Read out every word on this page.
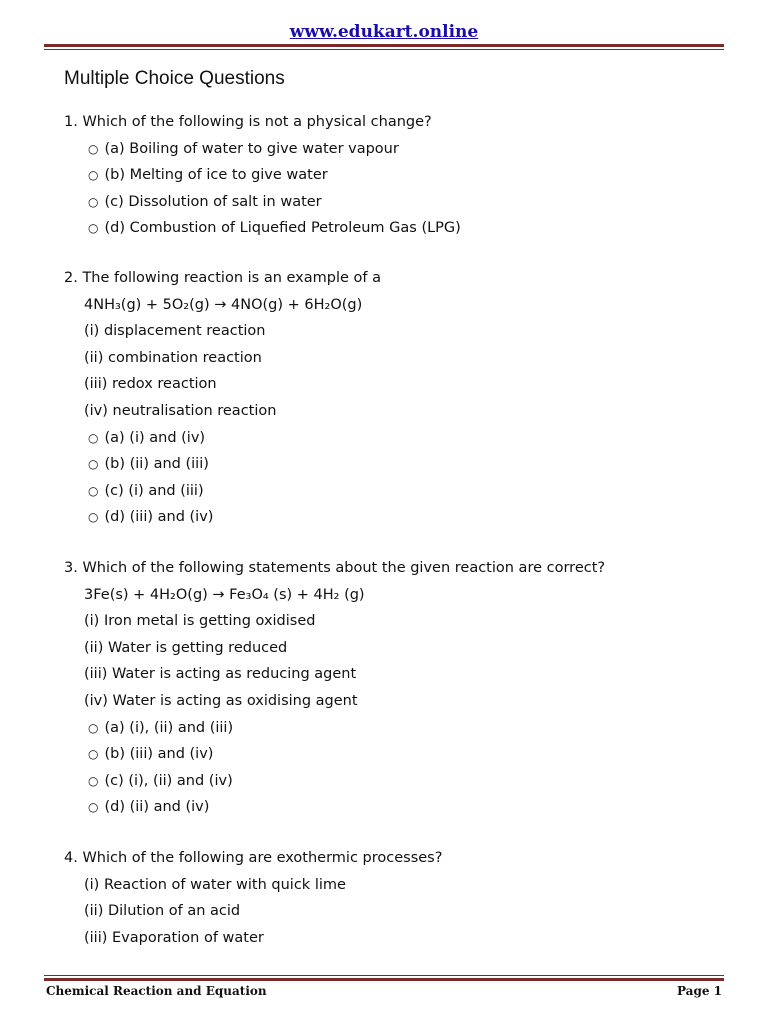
www.edukart.online
Multiple Choice Questions
1. Which of the following is not a physical change?
○ (a) Boiling of water to give water vapour
○ (b) Melting of ice to give water
○ (c) Dissolution of salt in water
○ (d) Combustion of Liquefied Petroleum Gas (LPG)
2. The following reaction is an example of a
4NH₃(g) + 5O₂(g) → 4NO(g) + 6H₂O(g)
(i) displacement reaction
(ii) combination reaction
(iii) redox reaction
(iv) neutralisation reaction
○ (a) (i) and (iv)
○ (b) (ii) and (iii)
○ (c) (i) and (iii)
○ (d) (iii) and (iv)
3. Which of the following statements about the given reaction are correct?
3Fe(s) + 4H₂O(g) → Fe₃O₄ (s) + 4H₂ (g)
(i) Iron metal is getting oxidised
(ii) Water is getting reduced
(iii) Water is acting as reducing agent
(iv) Water is acting as oxidising agent
○ (a) (i), (ii) and (iii)
○ (b) (iii) and (iv)
○ (c) (i), (ii) and (iv)
○ (d) (ii) and (iv)
4. Which of the following are exothermic processes?
(i) Reaction of water with quick lime
(ii) Dilution of an acid
(iii) Evaporation of water
Chemical Reaction and Equation	Page 1
